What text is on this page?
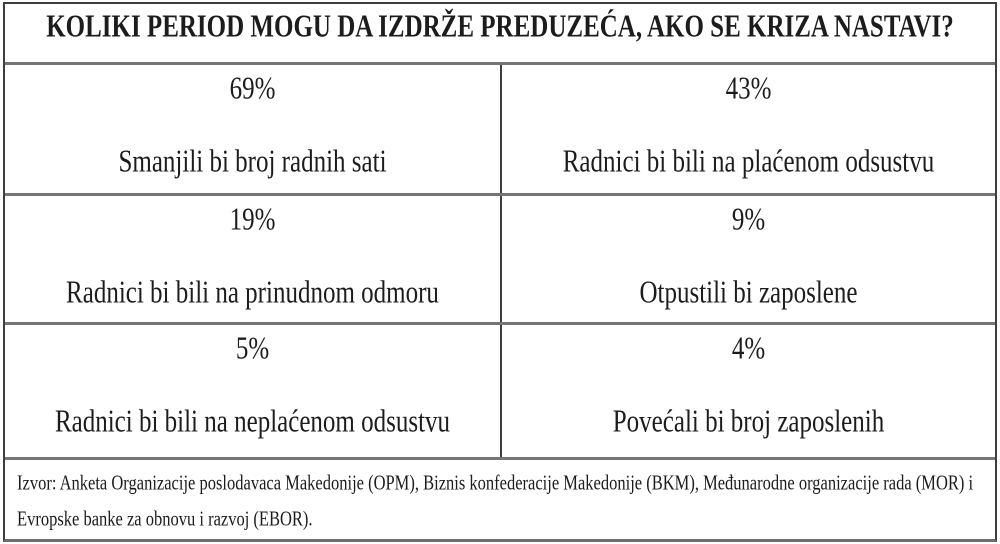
KOLIKI PERIOD MOGU DA IZDRŽE PREDUZEĆA, AKO SE KRIZA NASTAVI?
69%
Smanjili bi broj radnih sati
43%
Radnici bi bili na plaćenom odsustvu
19%
Radnici bi bili na prinudnom odmoru
9%
Otpustili bi zaposlene
5%
Radnici bi bili na neplaćenom odsustvu
4%
Povećali bi broj zaposlenih
Izvor: Anketa Organizacije poslodavaca Makedonije (OPM), Biznis konfederacije Makedonije (BKM), Međunarodne organizacije rada (MOR) i Evropske banke za obnovu i razvoj (EBOR).
